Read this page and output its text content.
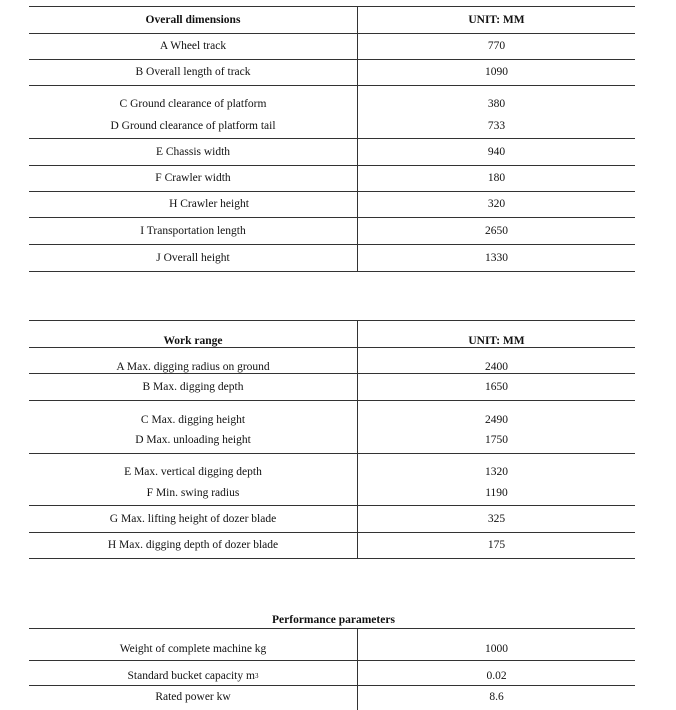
Overall dimensions	UNIT: MM
A Wheel track	770
B Overall length of track	1090
C Ground clearance of platform	380
D Ground clearance of platform tail	733
E Chassis width	940
F Crawler width	180
H Crawler height	320
I Transportation length	2650
J Overall height	1330
Work range	UNIT: MM
A Max. digging radius on ground	2400
B Max. digging depth	1650
C Max. digging height	2490
D Max. unloading height	1750
E Max. vertical digging depth	1320
F Min. swing radius	1190
G Max. lifting height of dozer blade	325
H Max. digging depth of dozer blade	175
Performance parameters
Weight of complete machine kg	1000
Standard bucket capacity m 3	0.02
Rated power kw	8.6
